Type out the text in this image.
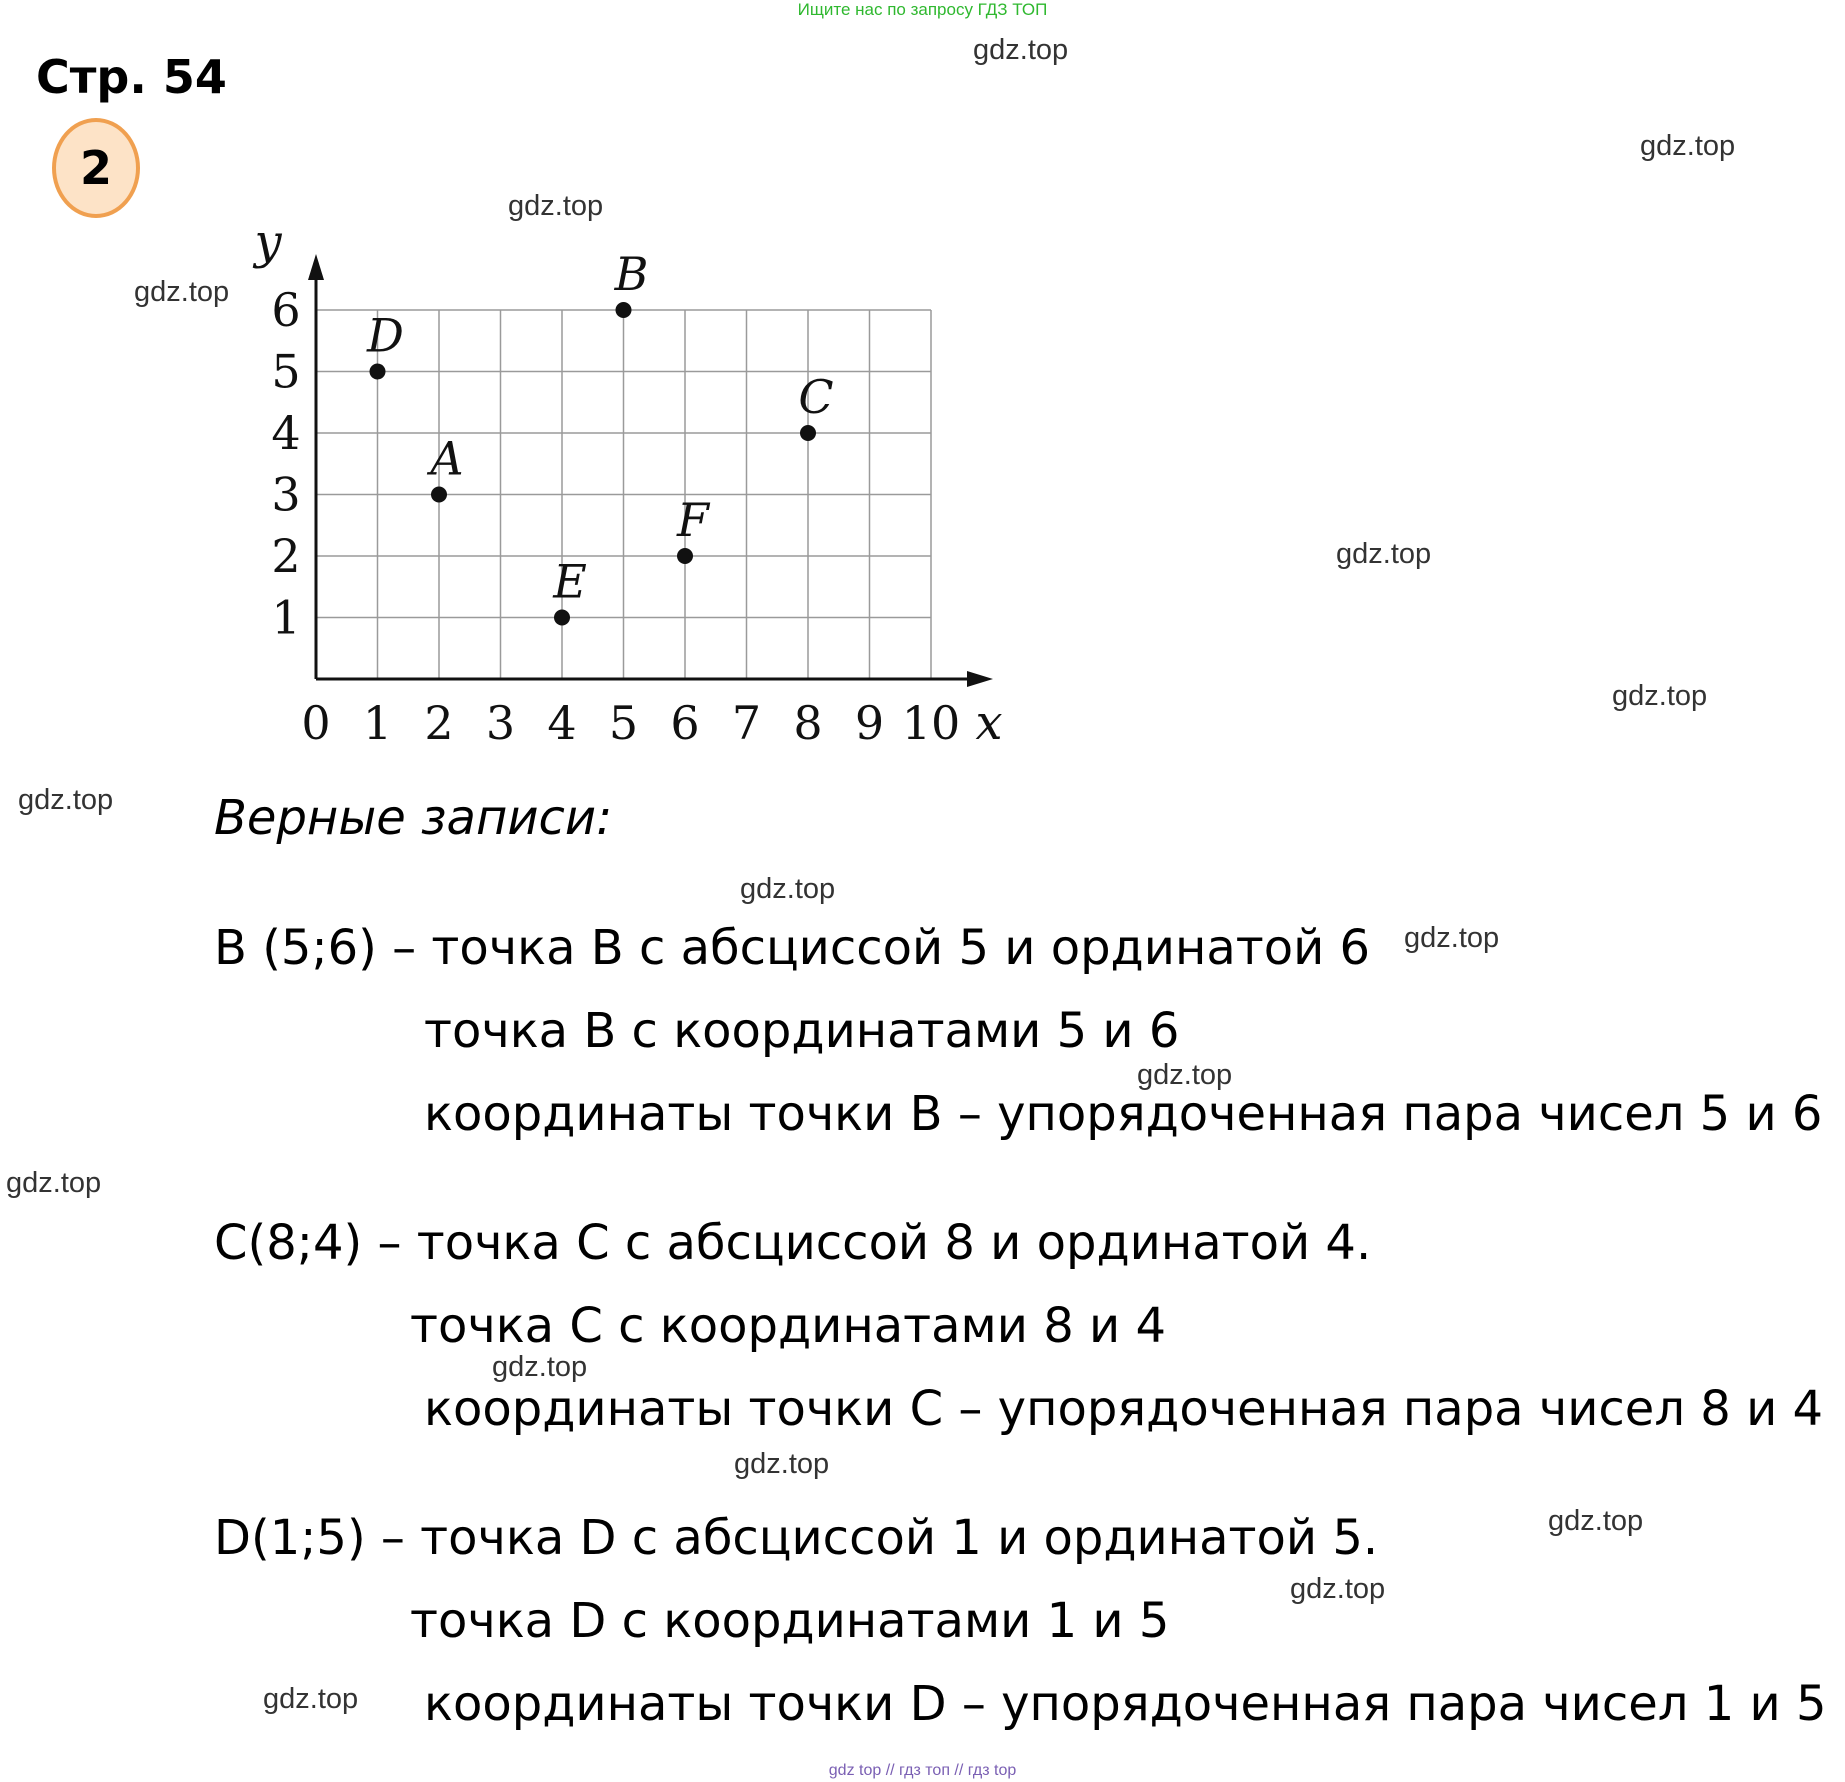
Ищите нас по запросу ГДЗ ТОП
Стр. 54
2
0 1 2 3 4 5 6 7 8 9 10
1
2
3
4
5
6
x
y
D
B
C
A
F
E
Верные записи:
B (5;6) – точка B с абсциссой 5 и ординатой 6
точка B с координатами 5 и 6
координаты точки B – упорядоченная пара чисел 5 и 6
C(8;4) – точка C с абсциссой 8 и ординатой 4.
точка C с координатами 8 и 4
координаты точки C – упорядоченная пара чисел 8 и 4
D(1;5) – точка D с абсциссой 1 и ординатой 5.
точка D с координатами 1 и 5
координаты точки D – упорядоченная пара чисел 1 и 5
gdz.top
gdz.top
gdz.top
gdz.top
gdz.top
gdz.top
gdz.top
gdz.top
gdz.top
gdz.top
gdz.top
gdz.top
gdz.top
gdz.top
gdz.top
gdz.top
gdz top // гдз топ // гдз top
